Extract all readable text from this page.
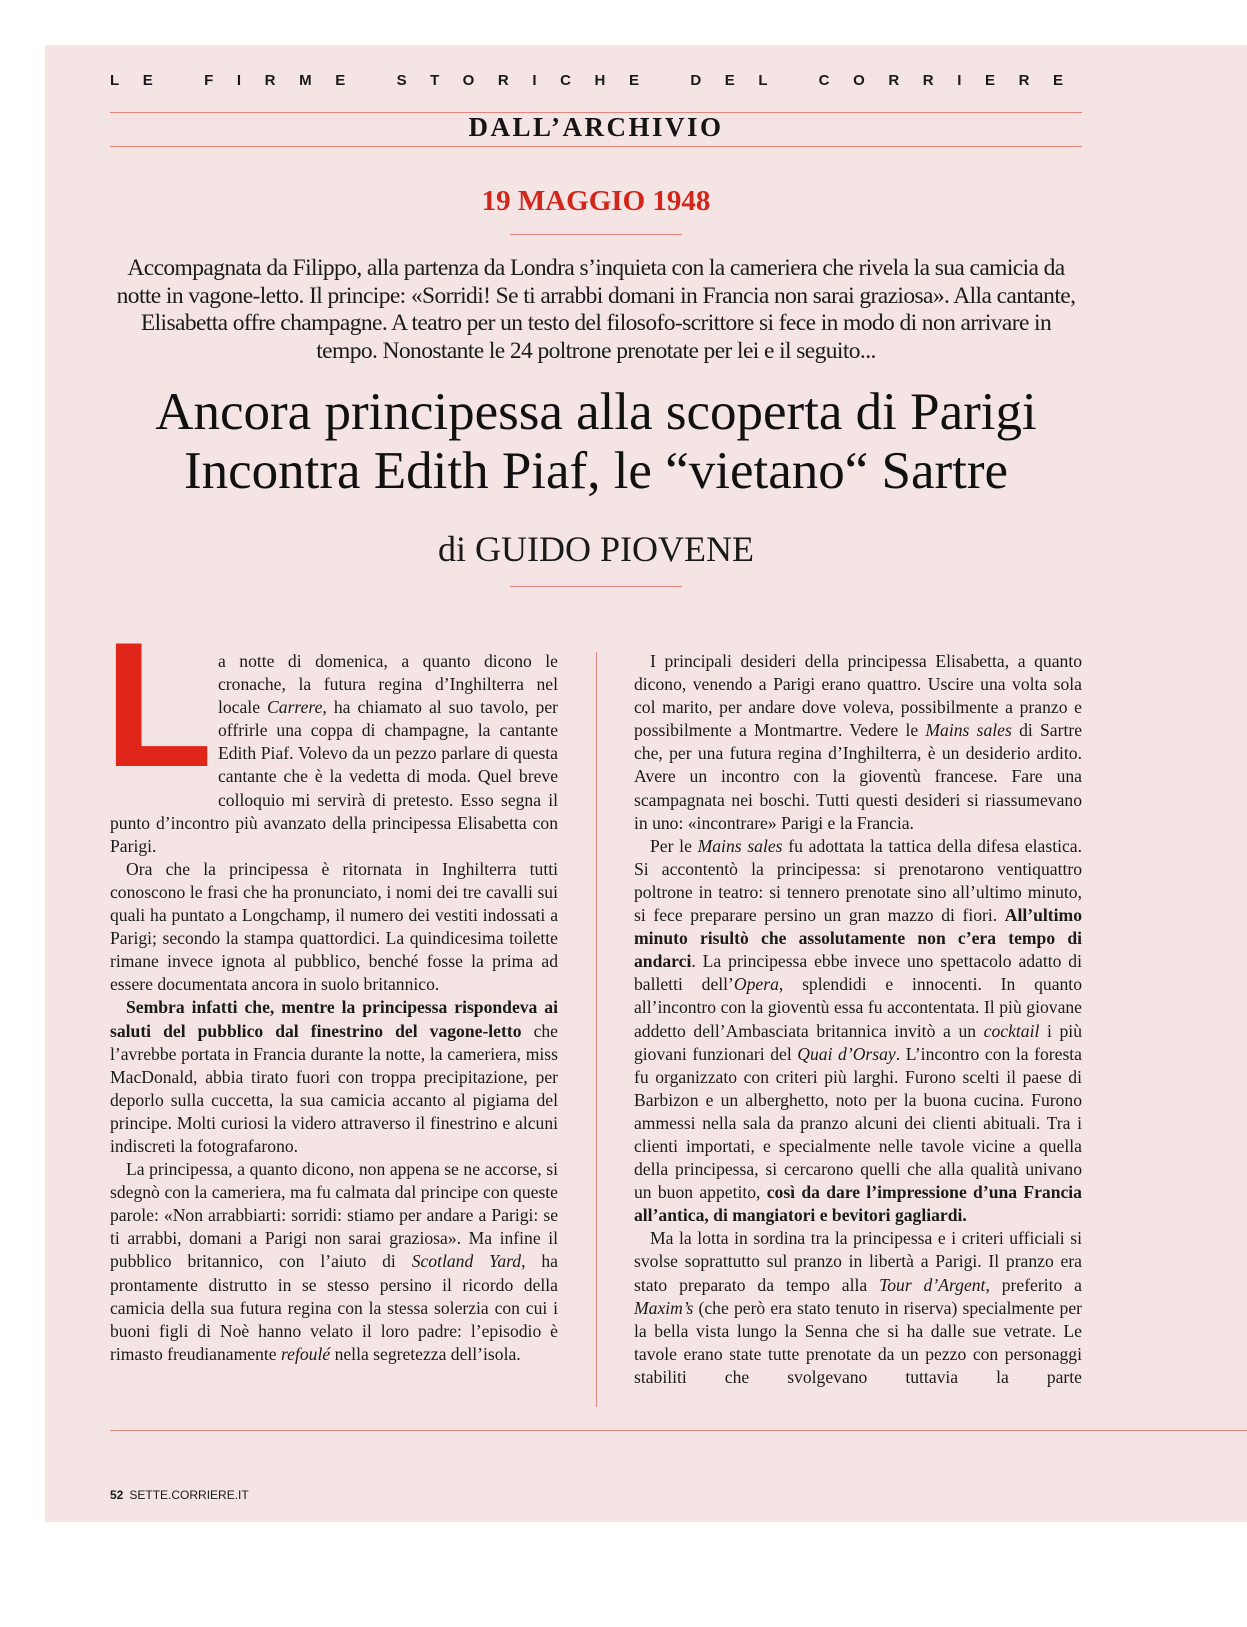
LE FIRME STORICHE DEL CORRIERE
DALL’ARCHIVIO
19 MAGGIO 1948
Accompagnata da Filippo, alla partenza da Londra s’inquieta con la cameriera che rivela la sua camicia da notte in vagone-letto. Il principe: «Sorridi! Se ti arrabbi domani in Francia non sarai graziosa». Alla cantante, Elisabetta offre champagne. A teatro per un testo del filosofo-scrittore si fece in modo di non arrivare in tempo. Nonostante le 24 poltrone prenotate per lei e il seguito...
Ancora principessa alla scoperta di Parigi
Incontra Edith Piaf, le “vietano“ Sartre
di GUIDO PIOVENE
L a notte di domenica, a quanto dicono le cronache, la futura regina d’Inghilterra nel locale Carrere, ha chiamato al suo tavolo, per offrirle una coppa di champagne, la cantante Edith Piaf. Volevo da un pezzo parlare di questa cantante che è la vedetta di moda. Quel breve colloquio mi servirà di pretesto. Esso segna il punto d’incontro più avanzato della principessa Elisabetta con Parigi.

Ora che la principessa è ritornata in Inghilterra tutti conoscono le frasi che ha pronunciato, i nomi dei tre cavalli sui quali ha puntato a Longchamp, il numero dei vestiti indossati a Parigi; secondo la stampa quattordici. La quindicesima toilette rimane invece ignota al pubblico, benché fosse la prima ad essere documentata ancora in suolo britannico.

Sembra infatti che, mentre la principessa rispondeva ai saluti del pubblico dal finestrino del vagone-letto che l’avrebbe portata in Francia durante la notte, la cameriera, miss MacDonald, abbia tirato fuori con troppa precipitazione, per deporlo sulla cuccetta, la sua camicia accanto al pigiama del principe. Molti curiosi la videro attraverso il finestrino e alcuni indiscreti la fotografarono.

La principessa, a quanto dicono, non appena se ne accorse, si sdegnò con la cameriera, ma fu calmata dal principe con queste parole: «Non arrabbiarti: sorridi: stiamo per andare a Parigi: se ti arrabbi, domani a Parigi non sarai graziosa». Ma infine il pubblico britannico, con l’aiuto di Scotland Yard, ha prontamente distrutto in se stesso persino il ricordo della camicia della sua futura regina con la stessa solerzia con cui i buoni figli di Noè hanno velato il loro padre: l’episodio è rimasto freudianamente refoulé nella segretezza dell’isola.

I principali desideri della principessa Elisabetta, a quanto dicono, venendo a Parigi erano quattro. Uscire una volta sola col marito, per andare dove voleva, possibilmente a pranzo e possibilmente a Montmartre. Vedere le Mains sales di Sartre che, per una futura regina d’Inghilterra, è un desiderio ardito. Avere un incontro con la gioventù francese. Fare una scampagnata nei boschi. Tutti questi desideri si riassumevano in uno: «incontrare» Parigi e la Francia.

Per le Mains sales fu adottata la tattica della difesa elastica. Si accontentò la principessa: si prenotarono ventiquattro poltrone in teatro: si tennero prenotate sino all’ultimo minuto, si fece preparare persino un gran mazzo di fiori. All’ultimo minuto risultò che assolutamente non c’era tempo di andarci. La principessa ebbe invece uno spettacolo adatto di balletti dell’Opera, splendidi e innocenti. In quanto all’incontro con la gioventù essa fu accontentata. Il più giovane addetto dell’Ambasciata britannica invitò a un cocktail i più giovani funzionari del Quai d’Orsay. L’incontro con la foresta fu organizzato con criteri più larghi. Furono scelti il paese di Barbizon e un alberghetto, noto per la buona cucina. Furono ammessi nella sala da pranzo alcuni dei clienti abituali. Tra i clienti importati, e specialmente nelle tavole vicine a quella della principessa, si cercarono quelli che alla qualità univano un buon appetito, così da dare l’impressione d’una Francia all’antica, di mangiatori e bevitori gagliardi.

Ma la lotta in sordina tra la principessa e i criteri ufficiali si svolse soprattutto sul pranzo in libertà a Parigi. Il pranzo era stato preparato da tempo alla Tour d’Argent, preferito a Maxim’s (che però era stato tenuto in riserva) specialmente per la bella vista lungo la Senna che si ha dalle sue vetrate. Le tavole erano state tutte prenotate da un pezzo con personaggi stabiliti che svolgevano tuttavia la parte

52 SETTE.CORRIERE.IT
